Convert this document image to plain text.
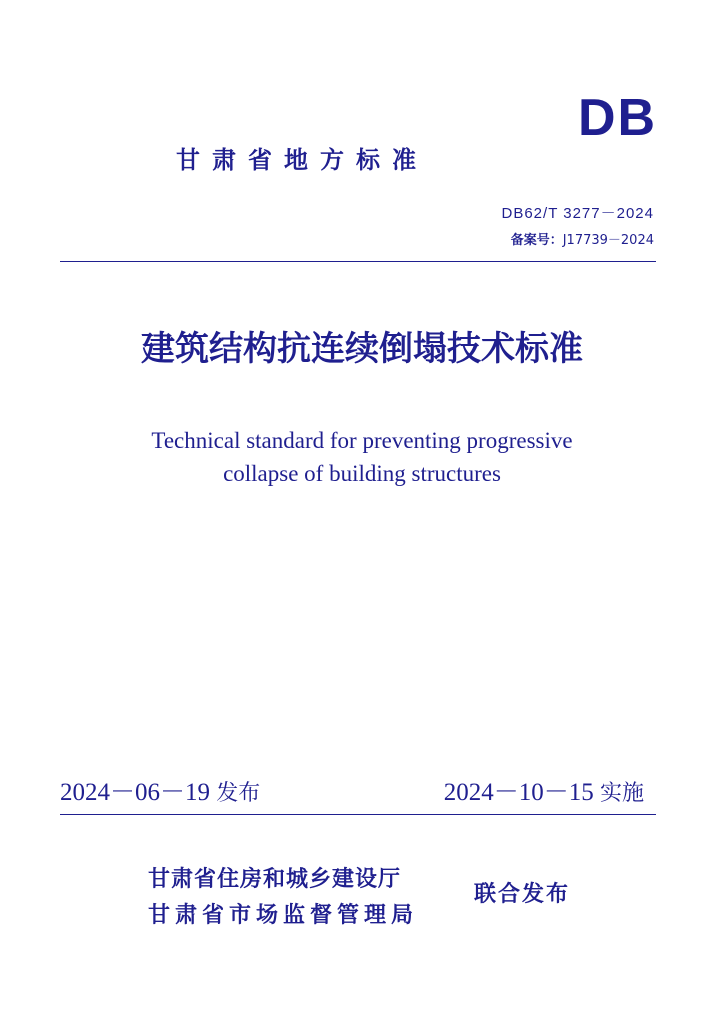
DB
甘肃省地方标准
DB62/T 3277－2024
备案号：J17739－2024
建筑结构抗连续倒塌技术标准
Technical standard for preventing progressive
collapse of building structures
2024－06－19 发布	2024－10－15 实施
甘肃省住房和城乡建设厅
甘肃省市场监督管理局
联合发布
